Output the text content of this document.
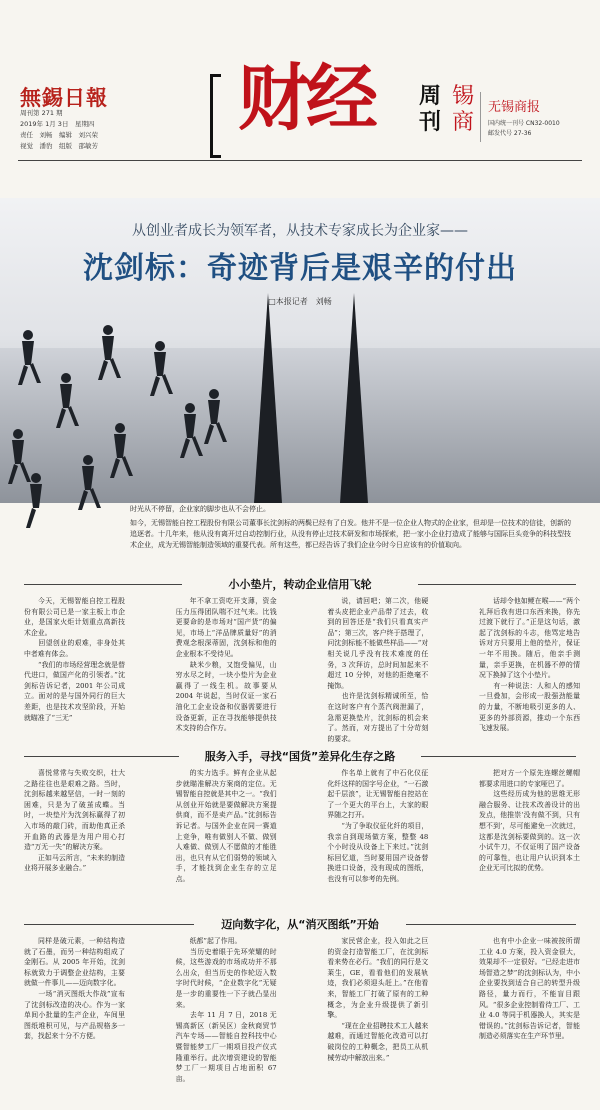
無錫日報
周刊第 271 期
2019年 1月 3日　星期四
责任　刘畅　编辑　刘兴荣
视觉　潘豹　组版　邵敏芳
财经 周
刊
锡
商
无锡商报
国内统一刊号 CN32-0010
邮发代号 27-36
从创业者成长为领军者，从技术专家成长为企业家——
沈剑标：奇迹背后是艰辛的付出
□本报记者　刘畅
时光从不停留，企业家的脚步也从不会停止。
如今，无锡智能自控工程股份有限公司董事长沈剑标的两鬓已经有了白发。他并不是一位企业人物式的企业家，但却是一位技术的信徒，创新的追逐者。十几年来，他从没有离开过自动控制行业，从没有停止过技术研发和市场探索，把一家小企业打造成了能够与国际巨头竞争的科技型技术企业，成为无锡智能制造领域的重要代表。所有这些，都已经告诉了我们企业今时今日应该有的价值取向。
小小垫片，转动企业信用飞轮

今天，无锡智能自控工程股份有限公司已是一家主板上市企业，是国家火炬计划重点高新技术企业。
回望创业的艰难，非身处其中者难有体会。
“我们的市场经营理念就是替代进口，做国产化的引领者。”沈剑标告诉记者，2001 年公司成立。面对的是与国外同行的巨大差距，也是技术攻坚阶段，开始就瞄准了“三无”

年不拿工资吃开支薄，资金压力压得团队喘不过气来。比钱更要命的是市场对“国产货”的偏见，市场上“洋品牌质量好”的消费观念根深蒂固，沈剑标和他的企业根本不受待见。
缺米少粮，又饱受偏见，山穷水尽之时，一块小垫片为企业赢得了一线生机。故事要从 2004 年说起，当时仅证一家石油化工企业设备和仪器需要进行设备更新，正在寻找能够提供技术支持的合作方。

说，请回吧；第二次，他硬着头皮把企业产品带了过去，收到的回答还是“我们只看真实产品”；第三次，客户终于搭理了，问沈剑标能不能做些样品——“对相关说几乎没有技术难度的任务，3 次拜访，总时间加起来不超过 10 分钟，对他的拒绝毫不掩饰。
也许是沈剑标精诚所至，恰在这时客户有个蒸汽阀泄漏了，急需更换垫片，沈剑标的机会来了。然而，对方提出了十分苛刻的要求。

话却令他如鲠在喉——“两个礼拜后我有进口东西来换，你先过渡下就行了。”正是这句话，激起了沈剑标的斗志，他骂定地告诉对方只要用上他的垫片，保证一年不用换。随后，他亲手测量，亲手更换，在机器不停的情况下换掉了这个小垫片。
有一种说法：人和人的感知一旦叠加，会形成一股强劲能量的力量，不断地吸引更多的人、更多的外部资源，推动一个东西飞速发展。

服务入手，寻找“国货”差异化生存之路

喜悦常常与失败交织，壮大之路往往也是艰难之路。当时，沈剑标越来越坚信，一时一刻的困难，只是为了破茧成蝶。当时，一块垫片为沈剑标赢得了初入市场的敲门砖，而助他真正杀开血路的武器是为用户用心打造“万无一失”的解决方案。
正如马云所言，“未来的制造业将开展多业融合。”

的实力选手。鲜有企业从起步就瞄准解决方案商的定位。无锡智能自控就是其中之一。“我们从创业开始就是要做解决方案提供商，而不是卖产品。”沈剑标告诉记者。与国外企业在同一赛道上竞争，唯有做别人不做、做别人难做、做别人不愿做的才能胜出，也只有从它们弱势的领域入手，才能找到企业生存的立足点。

作名单上就有了中石化仪征化纤这样的国字号企业，“一石激起千层浪”，让无锡智能自控站在了一个更大的平台上，大家的眼界随之打开。
“为了争取仪征化纤的项目，我亲自到现场做方案，整整 48 个小时没从设备上下来过。”沈剑标回忆道，当时要用国产设备替换进口设备，没有现成的图纸，也没有可以参考的先例。

把对方一个原先连螺丝螺帽都要求用进口的专家哑巴了。
这些经历成为他的思维无形融合服务、让技术改善设计的出发点，他推崇‘没有做不到，只有想不到’，尽可能避免一次就过，这都是沈剑标要做到的。这一次小试牛刀，不仅证明了国产设备的可靠性，也让用户认识到本土企业无可比拟的优势。

迈向数字化，从“消灭图纸”开始

同样是破元素，一种结构造就了石墨，而另一种结构组成了金刚石。从 2005 年开始，沈剑标就致力于调整企业结构，主要就做一件事儿——迈向数字化。
一场“消灭图纸大作战”宣布了沈剑标改造的决心。作为一家单间小批量的生产企业，车间里图纸堆积可见，与产品规格多一套，找起来十分不方便。

纸都”起了作用。
当历史着眼于先环荣耀的时候，这些游戏的市场成功并不那么出众，但当历史的作轮迈入数字时代时候，“企业数字化”无疑是一步的重要性一下子就凸显出来。
去年 11 月 7 日，2018 无锡高新区（新吴区）金秋商贸节汽车专场——智能自控科技中心暨智能梦工厂一期项目投产仪式隆重举行。此次增资建设的智能梦工厂一期项目占地面积 67 亩。

家民营企业，投入如此之巨的资金打造智能工厂，在沈剑标看来势在必行。“我们的同行是文莱生，GE，看看他们的发展轨迹，我们必须迎头赶上。”在他看来，智能工厂打破了原有的工种概念，为企业升级提供了新引擎。
“现在企业招聘技术工人越来越难，而通过智能化改造可以打破岗位的工种概念，把员工从机械劳动中解放出来。”

也有中小企业一味被按所谓工业 4.0 方案，投入资金很大，效果却不一定很好。“已经走进市场智造之梦”的沈剑标认为，中小企业要找到适合自己的转型升级路径，量力而行，不能盲目跟风。“很多企业控制看待工厂、工业 4.0 等同于机器换人，其实是错误的。”沈剑标告诉记者，智能制造必须落实在生产环节里。
